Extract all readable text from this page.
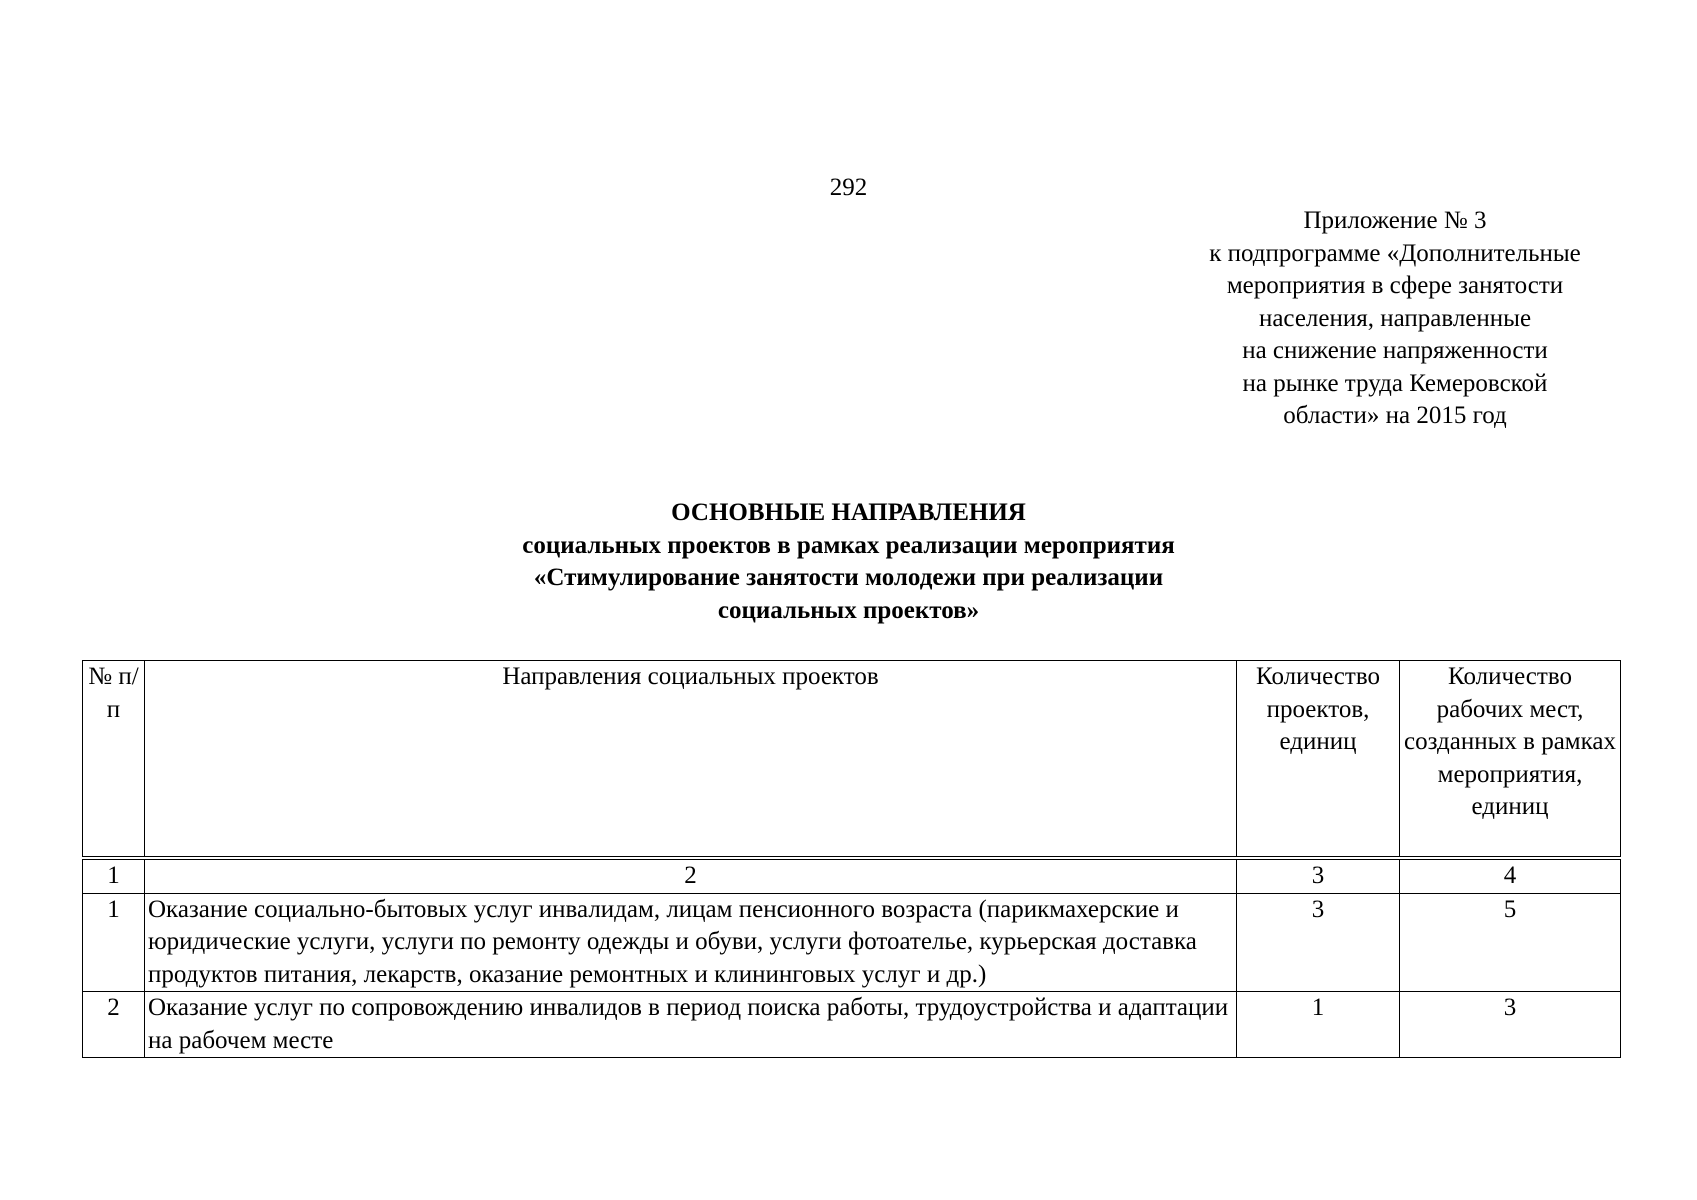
292
Приложение № 3
к подпрограмме «Дополнительные
мероприятия в сфере занятости
населения, направленные
на снижение напряженности
на рынке труда Кемеровской
области» на 2015 год
ОСНОВНЫЕ НАПРАВЛЕНИЯ
социальных проектов в рамках реализации мероприятия
«Стимулирование занятости молодежи при реализации
социальных проектов»
№ п/п	Направления социальных проектов	Количество проектов, единиц	Количество рабочих мест, созданных в рамках мероприятия, единиц
1	2	3	4
1	Оказание социально-бытовых услуг инвалидам, лицам пенсионного возраста (парикмахерские и юридические услуги, услуги по ремонту одежды и обуви, услуги фотоателье, курьерская доставка продуктов питания, лекарств, оказание ремонтных и клининговых услуг и др.)	3	5
2	Оказание услуг по сопровождению инвалидов в период поиска работы, трудоустройства и адаптации на рабочем месте	1	3
